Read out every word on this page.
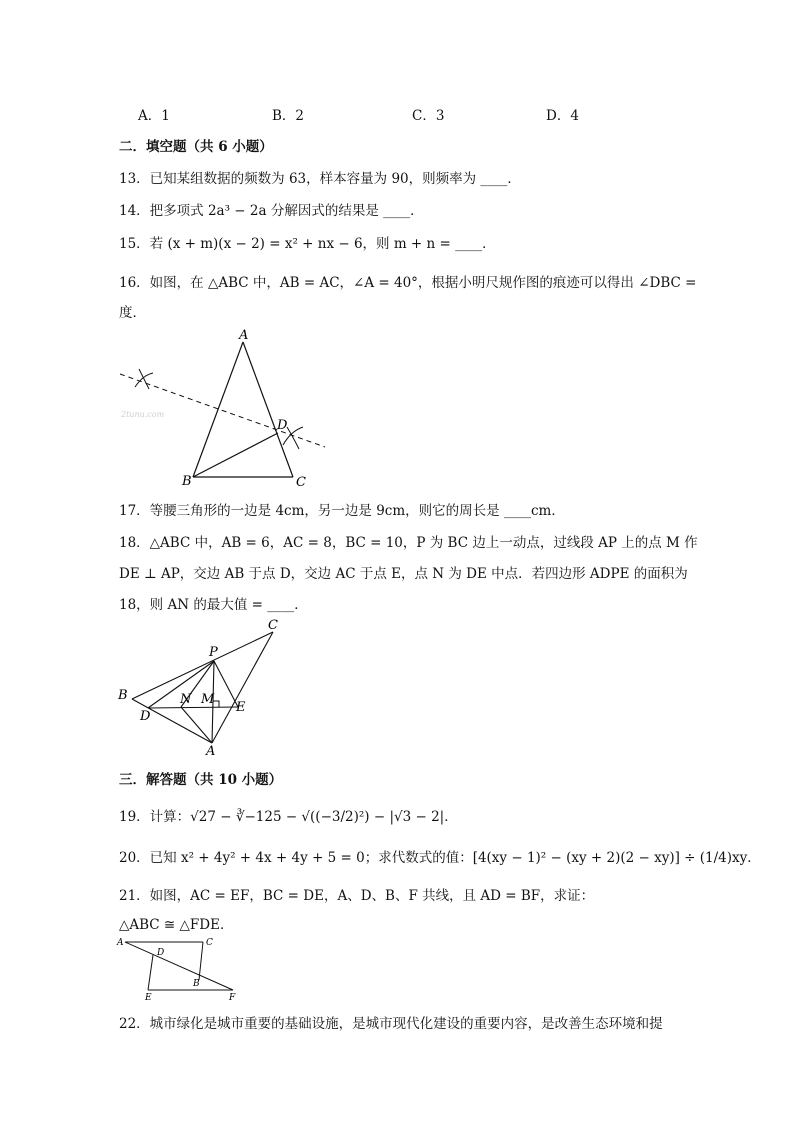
A．1	B．2	C．3	D．4
二．填空题（共 6 小题）
13．已知某组数据的频数为 63，样本容量为 90，则频率为 ____．
14．把多项式 2a³ − 2a 分解因式的结果是 ____．
15．若 (x + m)(x − 2) = x² + nx − 6，则 m + n = ____．
16．如图，在 △ABC 中，AB = AC，∠A = 40°，根据小明尺规作图的痕迹可以得出 ∠DBC =
度．
2tunu.com
A
B	C
D
17．等腰三角形的一边是 4cm，另一边是 9cm，则它的周长是 ____cm．
18．△ABC 中，AB = 6，AC = 8，BC = 10，P 为 BC 边上一动点，过线段 AP 上的点 M 作
DE ⊥ AP，交边 AB 于点 D，交边 AC 于点 E，点 N 为 DE 中点．若四边形 ADPE 的面积为
18，则 AN 的最大值 = ____．
C
P
B	N M
D
E
A
三．解答题（共 10 小题）
19．计算：√27 − ∛−125 − √((−3/2)²) − |√3 − 2|．
20．已知 x² + 4y² + 4x + 4y + 5 = 0；求代数式的值：[4(xy − 1)² − (xy + 2)(2 − xy)] ÷ (1/4)xy．
21．如图，AC = EF，BC = DE，A、D、B、F 共线，且 AD = BF，求证：
△ABC ≅ △FDE．
A	C
D
B
E	F
22．城市绿化是城市重要的基础设施，是城市现代化建设的重要内容，是改善生态环境和提
